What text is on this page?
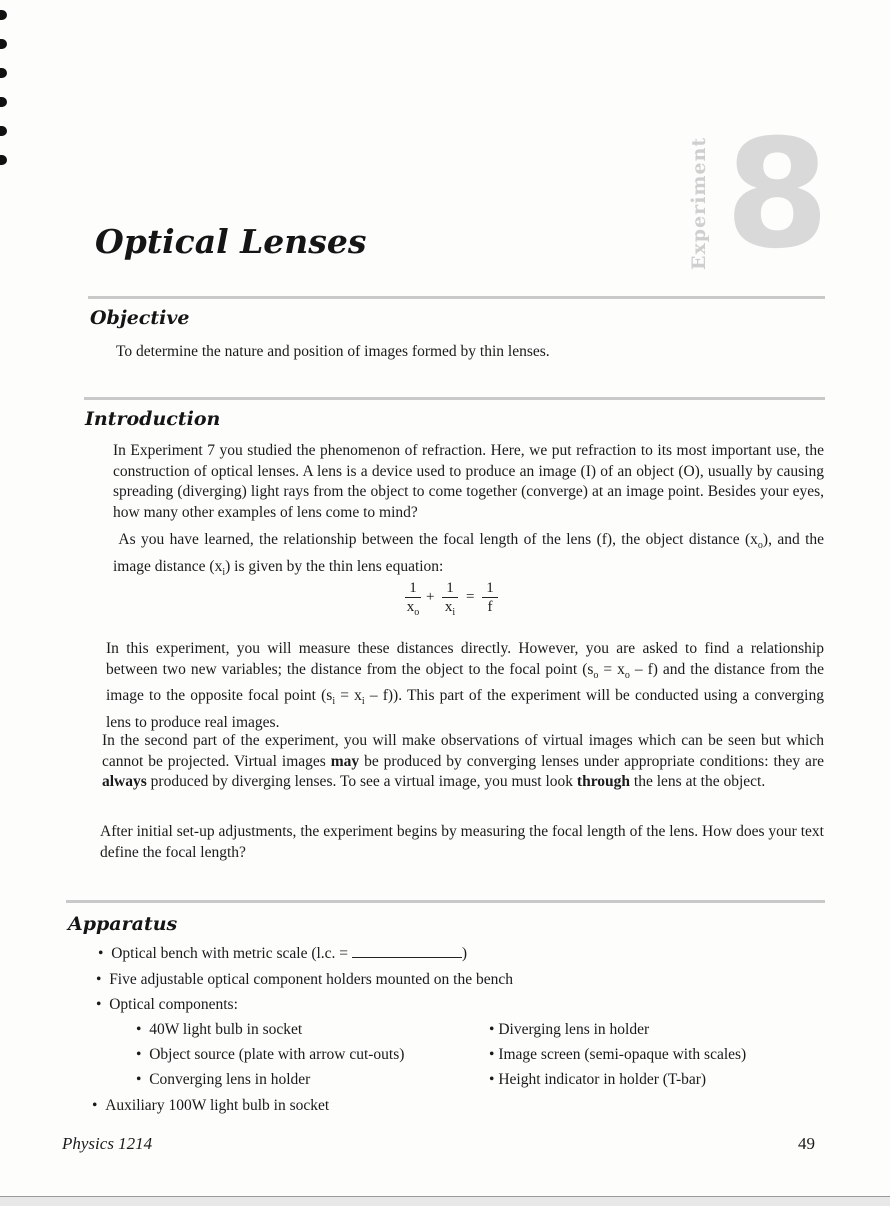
8
Experiment
Optical Lenses
Objective

To determine the nature and position of images formed by thin lenses.

Introduction

In Experiment 7 you studied the phenomenon of refraction. Here, we put refraction to its most important use, the construction of optical lenses. A lens is a device used to produce an image (I) of an object (O), usually by causing spreading (diverging) light rays from the object to come together (converge) at an image point. Besides your eyes, how many other examples of lens come to mind?

As you have learned, the relationship between the focal length of the lens (f), the object distance $(x_o)$, and the image distance $(x_i)$ is given by the thin lens equation:

$\frac{1}{x_o} + \frac{1}{x_i} = \frac{1}{f}$

In this experiment, you will measure these distances directly. However, you are asked to find a relationship between two new variables; the distance from the object to the focal point $(s_o = x_o - f)$ and the distance from the image to the opposite focal point $(s_i = x_i - f)$). This part of the experiment will be conducted using a converging lens to produce real images.

In the second part of the experiment, you will make observations of virtual images which can be seen but which cannot be projected. Virtual images may be produced by converging lenses under appropriate conditions: they are always produced by diverging lenses. To see a virtual image, you must look through the lens at the object.

After initial set-up adjustments, the experiment begins by measuring the focal length of the lens. How does your text define the focal length?

Apparatus
• Optical bench with metric scale (l.c. =	)
• Five adjustable optical component holders mounted on the bench
• Optical components:
• 40W light bulb in socket
• Object source (plate with arrow cut-outs)
• Converging lens in holder
• Diverging lens in holder
• Image screen (semi-opaque with scales)
• Height indicator in holder (T-bar)
• Auxiliary 100W light bulb in socket
Physics 1214	49
